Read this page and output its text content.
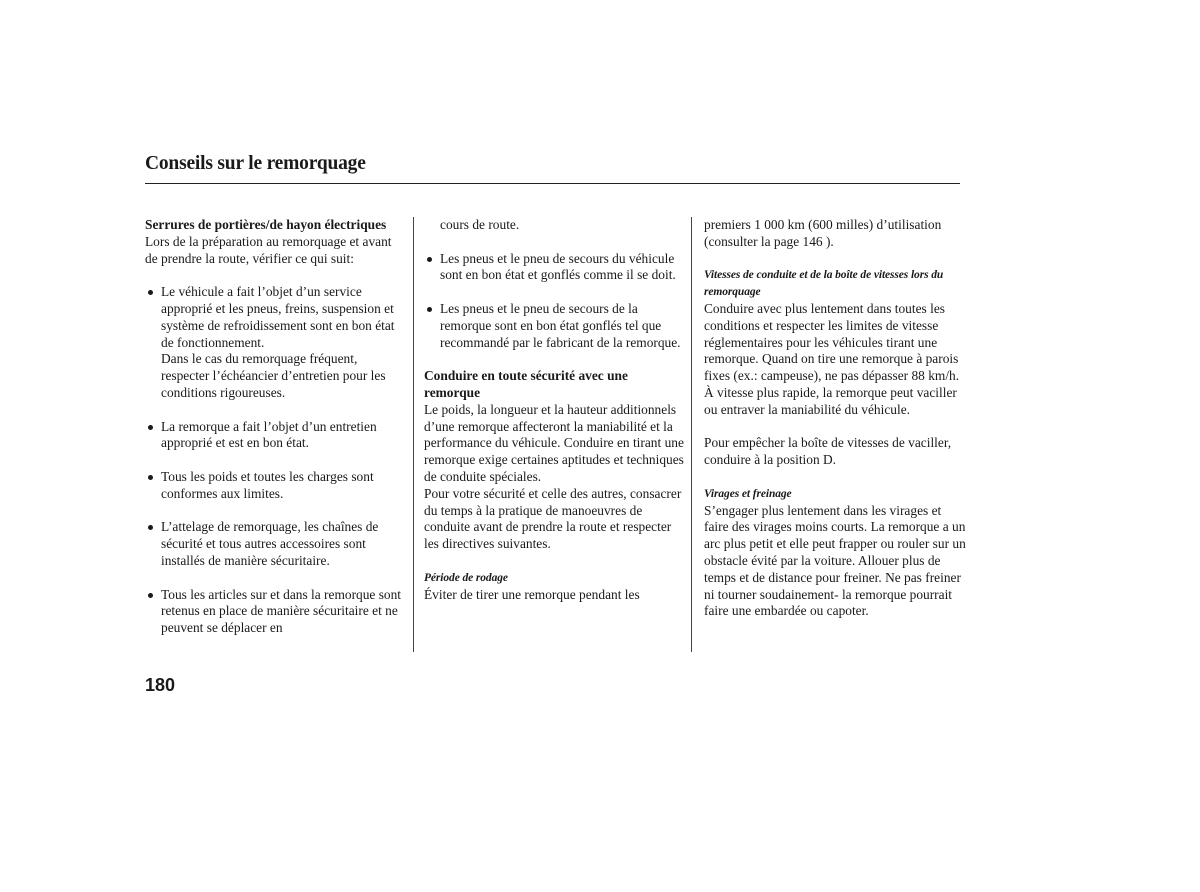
Conseils sur le remorquage

Serrures de portières/de hayon électriques

Lors de la préparation au remorquage et avant de prendre la route, vérifier ce qui suit:

Le véhicule a fait l’objet d’un service approprié et les pneus, freins, suspension et système de refroidissement sont en bon état de fonctionnement.

Dans le cas du remorquage fréquent, respecter l’échéancier d’entretien pour les conditions rigoureuses.

La remorque a fait l’objet d’un entretien approprié et est en bon état.

Tous les poids et toutes les charges sont conformes aux limites.

L’attelage de remorquage, les chaînes de sécurité et tous autres accessoires sont installés de manière sécuritaire.

Tous les articles sur et dans la remorque sont retenus en place de manière sécuritaire et ne peuvent se déplacer en

cours de route.

Les pneus et le pneu de secours du véhicule sont en bon état et gonflés comme il se doit.

Les pneus et le pneu de secours de la remorque sont en bon état gonflés tel que recommandé par le fabricant de la remorque.

Conduire en toute sécurité avec une remorque

Le poids, la longueur et la hauteur additionnels d’une remorque affecteront la maniabilité et la performance du véhicule. Conduire en tirant une remorque exige certaines aptitudes et techniques de conduite spéciales.

Pour votre sécurité et celle des autres, consacrer du temps à la pratique de manoeuvres de conduite avant de prendre la route et respecter les directives suivantes.

Période de rodage

Éviter de tirer une remorque pendant les

premiers 1 000 km (600 milles) d’utilisation (consulter la page 146 ).

Vitesses de conduite et de la boîte de vitesses lors du remorquage

Conduire avec plus lentement dans toutes les conditions et respecter les limites de vitesse réglementaires pour les véhicules tirant une remorque. Quand on tire une remorque à parois fixes (ex.: campeuse), ne pas dépasser 88 km/h. À vitesse plus rapide, la remorque peut vaciller ou entraver la maniabilité du véhicule.

Pour empêcher la boîte de vitesses de vaciller, conduire à la position D.

Virages et freinage

S’engager plus lentement dans les virages et faire des virages moins courts. La remorque a un arc plus petit et elle peut frapper ou rouler sur un obstacle évité par la voiture. Allouer plus de temps et de distance pour freiner. Ne pas freiner ni tourner soudainement- la remorque pourrait faire une embardée ou capoter.

180
